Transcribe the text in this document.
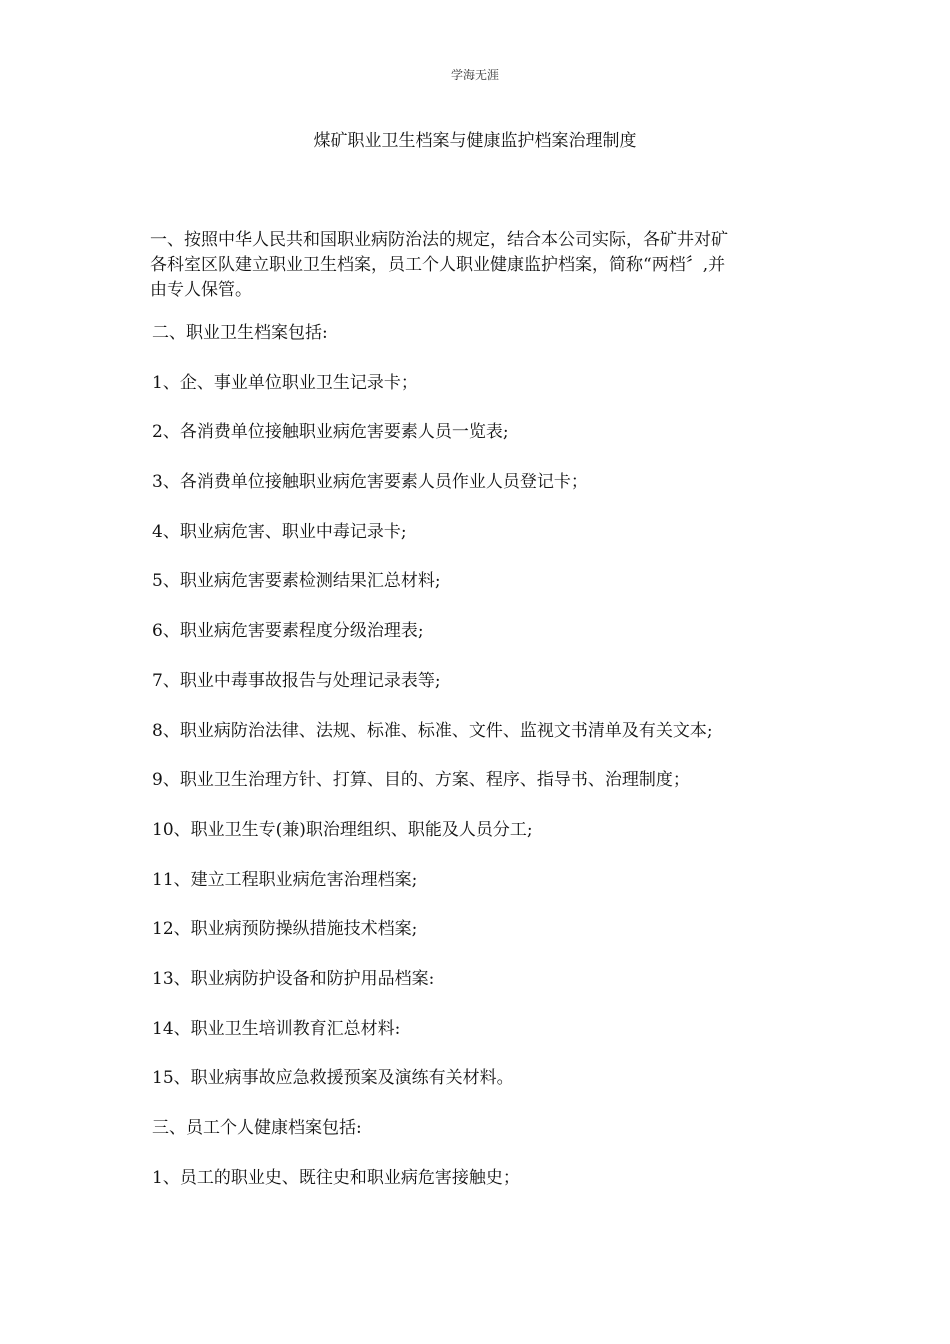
学海无涯
煤矿职业卫生档案与健康监护档案治理制度
一、按照中华人民共和国职业病防治法的规定，结合本公司实际，各矿井对矿
各科室区队建立职业卫生档案，员工个人职业健康监护档案，简称“两档〞,并
由专人保管。
二、职业卫生档案包括:
1、企、事业单位职业卫生记录卡；
2、各消费单位接触职业病危害要素人员一览表;
3、各消费单位接触职业病危害要素人员作业人员登记卡；
4、职业病危害、职业中毒记录卡;
5、职业病危害要素检测结果汇总材料;
6、职业病危害要素程度分级治理表;
7、职业中毒事故报告与处理记录表等;
8、职业病防治法律、法规、标准、标准、文件、监视文书清单及有关文本;
9、职业卫生治理方针、打算、目的、方案、程序、指导书、治理制度；
10、职业卫生专(兼)职治理组织、职能及人员分工;
11、建立工程职业病危害治理档案;
12、职业病预防操纵措施技术档案;
13、职业病防护设备和防护用品档案:
14、职业卫生培训教育汇总材料:
15、职业病事故应急救援预案及演练有关材料。
三、员工个人健康档案包括:
1、员工的职业史、既往史和职业病危害接触史；
